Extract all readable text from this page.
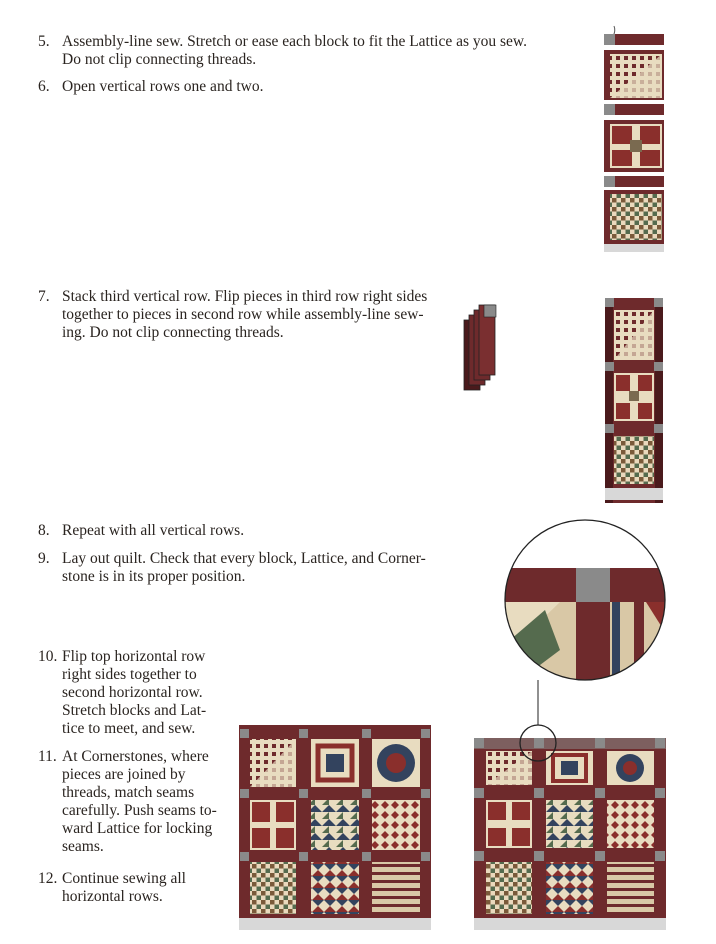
5. Assembly-line sew. Stretch or ease each block to fit the Lattice as you sew.
Do not clip connecting threads.
6. Open vertical rows one and two.
7. Stack third vertical row. Flip pieces in third row right sides
together to pieces in second row while assembly-line sew-
ing. Do not clip connecting threads.
8. Repeat with all vertical rows.
9. Lay out quilt. Check that every block, Lattice, and Corner-
stone is in its proper position.
10. Flip top horizontal row
right sides together to
second horizontal row.
Stretch blocks and Lat-
tice to meet, and sew.
11. At Cornerstones, where
pieces are joined by
threads, match seams
carefully. Push seams to-
ward Lattice for locking
seams.
12. Continue sewing all
horizontal rows.
